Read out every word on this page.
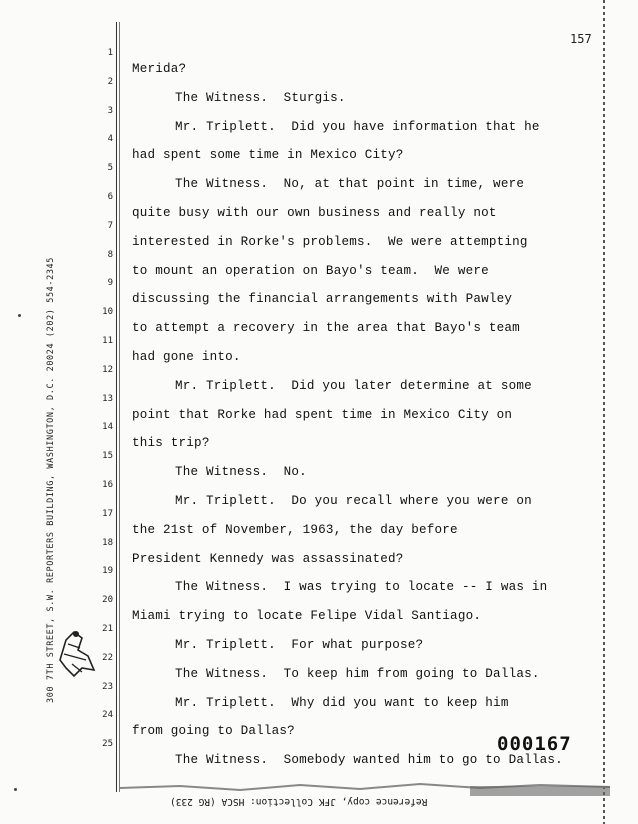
157
300 7TH STREET, S.W. REPORTERS BUILDING, WASHINGTON, D.C. 20024 (202) 554-2345
1
Merida?
2
The Witness.  Sturgis.
3
Mr. Triplett.  Did you have information that he
4
had spent some time in Mexico City?
5
The Witness.  No, at that point in time, were
6
quite busy with our own business and really not
7
interested in Rorke's problems.  We were attempting
8
to mount an operation on Bayo's team.  We were
9
discussing the financial arrangements with Pawley
10
to attempt a recovery in the area that Bayo's team
11
had gone into.
12
Mr. Triplett.  Did you later determine at some
13
point that Rorke had spent time in Mexico City on
14
this trip?
15
The Witness.  No.
16
Mr. Triplett.  Do you recall where you were on
17
the 21st of November, 1963, the day before
18
President Kennedy was assassinated?
19
The Witness.  I was trying to locate -- I was in
20
Miami trying to locate Felipe Vidal Santiago.
21
Mr. Triplett.  For what purpose?
22
The Witness.  To keep him from going to Dallas.
23
Mr. Triplett.  Why did you want to keep him
24
from going to Dallas?
25
The Witness.  Somebody wanted him to go to Dallas.
000167
Reference copy, JFK Collection: HSCA (RG 233)
